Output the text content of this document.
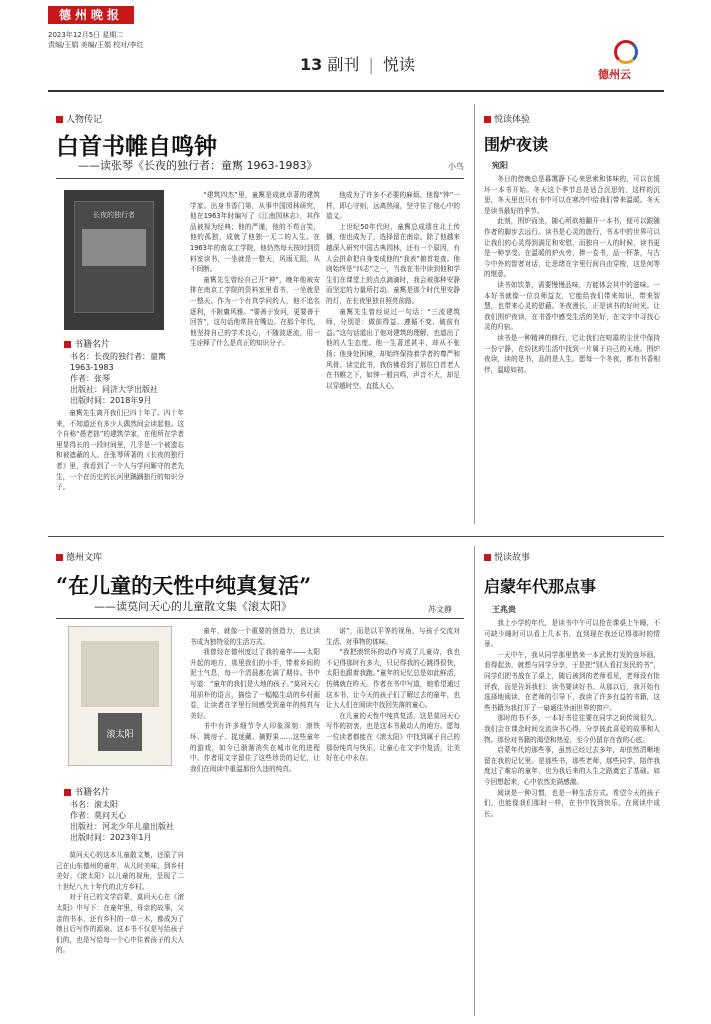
德州晚报
2023年12月5日 星期二
责编/王娟 美编/王娟 校对/李红
13 副刊 | 悦读
德州云
人物传记
白首书帷自鸣钟
——读张琴《长夜的独行者：童寯 1963-1983》	小鸟
长夜的独行者
书籍名片
书名：长夜的独行者：童寯
1963-1983
作者：张琴
出版社：同济大学出版社
出版时间：2018年9月

童寯先生离开我们已四十年了。四十年来，不知道还有多少人偶然间会读起他。这个自称“愚老拙”的建筑学家，在他所在学者里显得长的一段时间里，几乎是一个被遗忘和被遮蔽的人。在张琴所著的《长夜的独行者》里，我看到了一个人与学问厮守的老先生，一个在历史的长河里踽踽独行的知识分子。

“建筑四杰”里，童寯是成就卓著的建筑学家。出身书香门第，从事中国园林研究，他在1963年时编写了《江南园林志》，其作品被视为经典；他的严谨，他的不苟言笑，他的孤独，成就了他独一无二的人生。在1963年的南京工学院，他仍然每天按时到资料室读书，一坐就是一整天，风雨无阻，从不间断。

童寯先生曾经自己开“神”，晚年他被安排在南京工学院的资料室里看书，一坐就是一整天。作为一个有真学问的人，他不追名逐利，不附庸风雅。“要善于发问，更要善于回答”，这句话他常挂在嘴边。在那个年代，他坚持自己的学术良心，不随波逐流，用一生诠释了什么是真正的知识分子。

他成为了许多不必要的麻烦。他像“钟”一样，即心守则，远离热闹，坚守住了他心中的道义。

上世纪50年代时，童寯总成绩在北上传播，他也成为了，选择留在南京。除了他越来越深入研究中国古典园林，还有一个原因，有人会拼命把自身变成他的“我表”俯首复查。他则始终是“四志”之一，当我在书中读到他和学生们在课堂上的点点滴滴时，我会被那种安静而坚定的力量所打动。童寯是那个时代里安静的灯，在长夜里独自照亮前路。

童寯先生曾经说过一句话：“三流建筑师，分别是：做前得益、遵循不变、破前有益。”这句话道出了他对建筑的理解，也道出了他的人生态度。他一生著述甚丰，却从不张扬；他身处困境，却始终保持着学者的尊严和风骨。读完此书，我仿佛看到了那位白首老人在书帷之下，如钟一般自鸣，声音不大，却足以穿越时空，直抵人心。

悦读体验
围炉夜读
宛阳

冬日的傍晚总是暮霭静下心来思索和体味的，可以在缓坏一本书开始。冬天这个季节总是适合沉思的，这样的沉思，冬天里也只有书中可以在寒冷中给我们带来温暖。冬天是读书最好的季节。

此刻，围炉而坐，随心所欲地翻开一本书，便可以跟随作者的脚步去远行。读书是心灵的旅行，书本中的世界可以让我们的心灵得到满足和安慰，而独自一人的时候，读书更是一种享受。在温暖的炉火旁，捧一卷书，品一杯茶，与古今中外的智者对话，让思绪在字里行间自由穿梭，这是何等的惬意。

读书如饮茶，需要慢慢品味，方能体会其中的滋味。一本好书就像一位良师益友，它能给我们带来知识，带来智慧，也带来心灵的慰藉。冬夜漫长，正是读书的好时光。让我们围炉夜读，在书香中感受生活的美好，在文字中寻找心灵的归宿。

读书是一种精神的修行，它让我们在喧嚣的尘世中保持一份宁静，在纷扰的生活中找到一片属于自己的天地。围炉夜读，读的是书，品的是人生。愿每一个冬夜，都有书香相伴，温暖如初。

德州文库
“在儿童的天性中纯真复活”
——读莫问天心的儿童散文集《滚太阳》	苏文静
滚太阳
书籍名片
书名：滚太阳
作者：莫问天心
出版社：河北少年儿童出版社
出版时间：2023年1月

莫问天心的这本儿童散文集，还原了自己在山东德州的童年，从儿时美味，到乡村美好，《滚太阳》以儿童的视角，呈现了二十世纪八九十年代的北方乡村。

对于自己的文学启蒙，莫问天心在《滚太阳》中写下：在童年里，母亲的故事，父亲的书本，还有乡村的一草一木，都成为了她日后写作的源泉。这本书不仅是写给孩子们的，也是写给每一个心中住着孩子的大人的。

童年，就像一个重要的创造力，也让读书成为独特爱的生活方式。

我曾经在德州度过了我的童年——太阳升起的地方，那里我们的小手，带着乡间的泥土气息，每一个清晨都充满了期待。书中写道：“童年的我们是大地的孩子。”莫问天心用质朴的语言，描绘了一幅幅生动的乡村画卷，让读者在字里行间感受到童年的纯真与美好。

书中有许多细节令人印象深刻：滚铁环、跳房子、捉迷藏、摘野果……这些童年的游戏，如今已渐渐消失在城市化的进程中。作者用文字留住了这些珍贵的记忆，让我们在阅读中重温那份久违的纯真。

诺”，而是以平等的视角，与孩子交流对生活、对事物的体味。

“我把滚铁环的动作写成了儿童诗，我也不记得那时有多大，只记得我的心跳得很快，太阳也跟着我跑。”童年的记忆总是如此鲜活，仿佛就在昨天。作者在书中写道，她希望通过这本书，让今天的孩子们了解过去的童年，也让大人们在阅读中找回失落的童心。

在儿童的天性中纯真复活，这是莫问天心写作的初衷，也是这本书最动人的地方。愿每一位读者都能在《滚太阳》中找到属于自己的那份纯真与快乐，让童心在文字中复活，让美好在心中永存。

悦读故事
启蒙年代那点事
王兆贵

我上小学的年代，是读书中午可以抢在课桌上午睡，不可缺少睡时可以看上几本书，直到现在我还记得那时的情景。

一天中午，我从同学那里借来一本武侠打发的连环画，看得起劲，就想与同学分享，于是把“别人看打发民的书”，同学们把书放在了桌上，随后被到的老师看见，老师没有批评我，而是告诉我们：读书要读好书。从那以后，我开始有选择地阅读，在老师的引导下，我读了许多有益的书籍，这些书籍为我打开了一扇通往外面世界的窗户。

那时的书不多，一本好书往往要在同学之间传阅很久。我们会在课余时间交流读书心得，分享彼此喜爱的故事和人物。那份对书籍的渴望和热爱，至今仍留存在我的心底。

启蒙年代的那些事，虽然已经过去多年，却依然清晰地留在我的记忆里。是那些书，那些老师，那些同学，陪伴我度过了难忘的童年，也为我后来的人生之路奠定了基础。如今回想起来，心中依然充满感激。

阅读是一种习惯，也是一种生活方式。希望今天的孩子们，也能像我们那时一样，在书中找到快乐，在阅读中成长。
